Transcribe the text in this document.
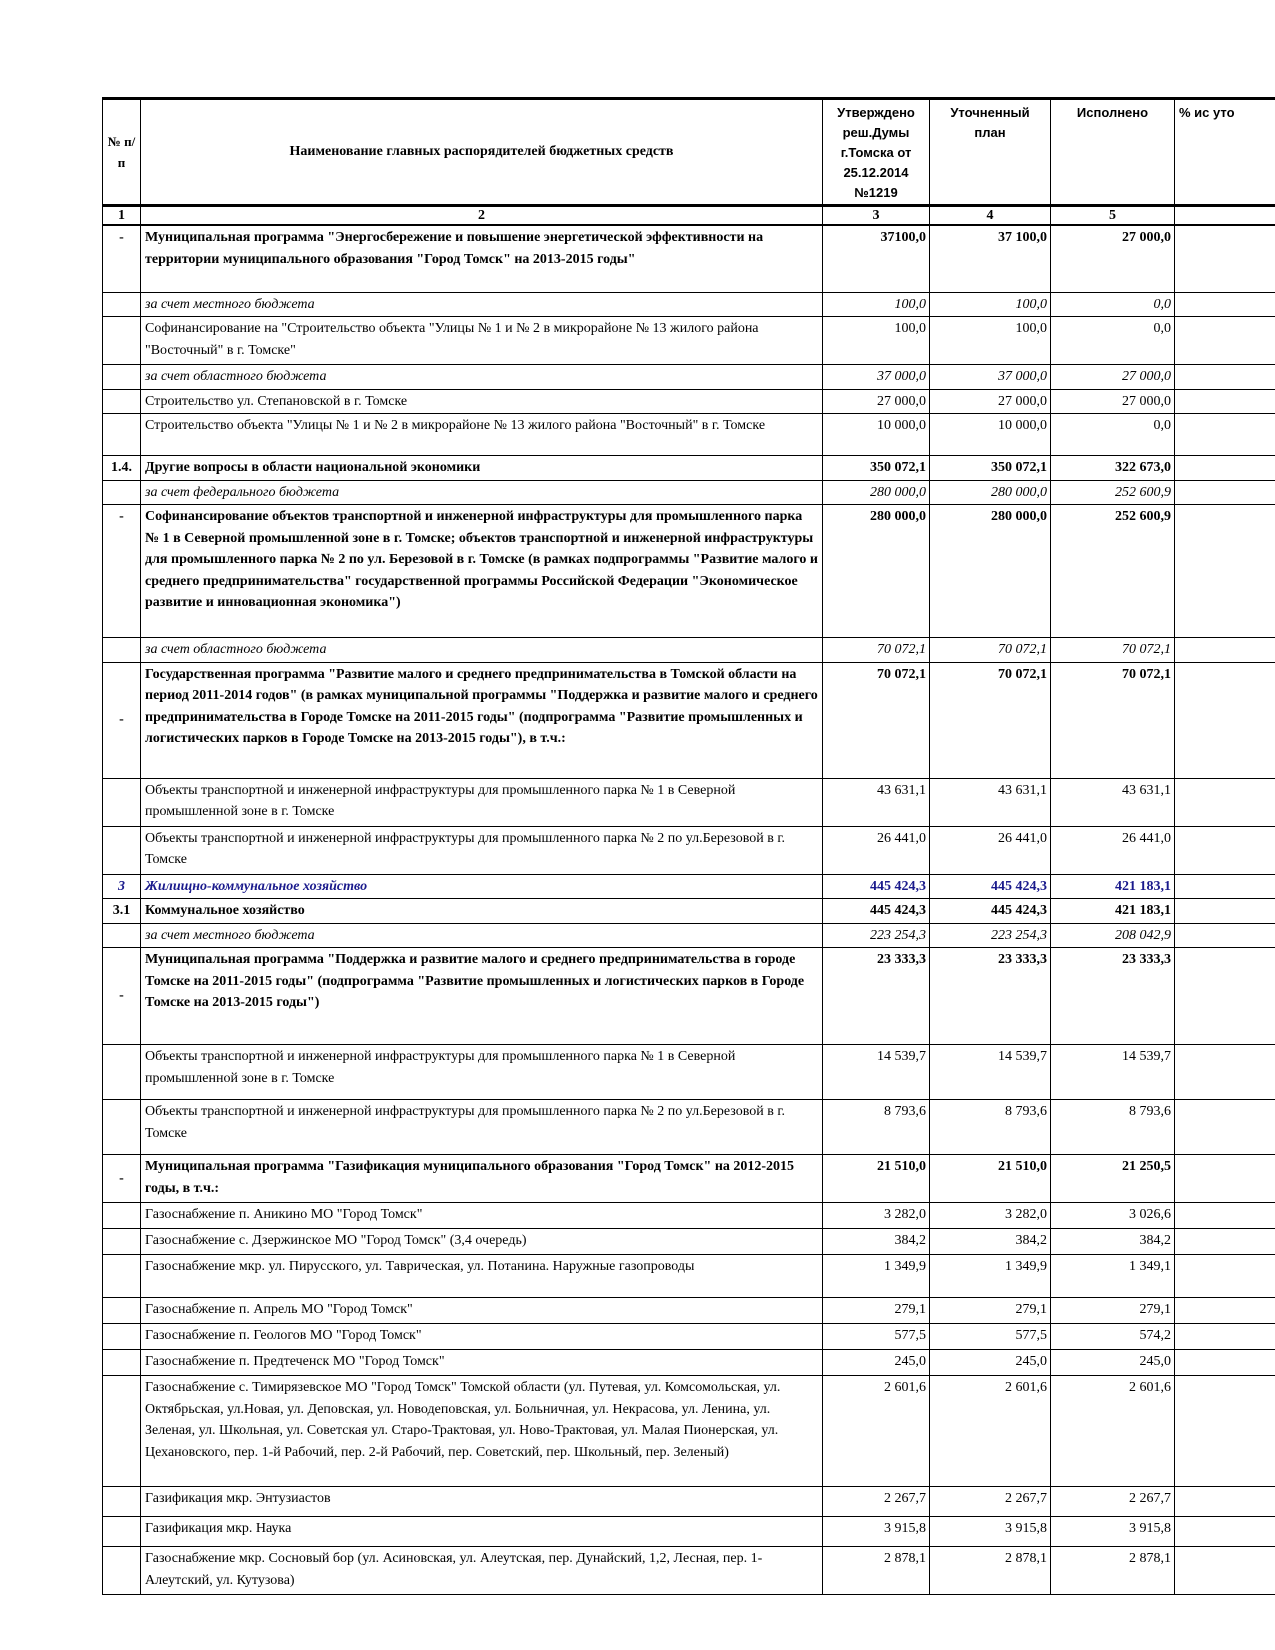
№ п/п	Наименование главных распорядителей бюджетных средств	Утверждено реш.Думы г.Томска от 25.12.2014 №1219	Уточненный план	Исполнено	% ис уто
1	2	3	4	5	
-	Муниципальная программа "Энергосбережение и повышение энергетической эффективности на территории муниципального образования "Город Томск" на 2013-2015 годы"	37100,0	37 100,0	27 000,0	
	за счет местного бюджета	100,0	100,0	0,0	
	Софинансирование на "Строительство объекта "Улицы № 1 и № 2 в микрорайоне № 13 жилого района "Восточный" в г. Томске"	100,0	100,0	0,0	
	за счет областного бюджета	37 000,0	37 000,0	27 000,0	
	Строительство ул. Степановской в г. Томске	27 000,0	27 000,0	27 000,0	
	Строительство объекта "Улицы № 1 и № 2 в микрорайоне № 13 жилого района "Восточный" в г. Томске	10 000,0	10 000,0	0,0	
1.4.	Другие вопросы в области национальной экономики	350 072,1	350 072,1	322 673,0	
	за счет федерального бюджета	280 000,0	280 000,0	252 600,9	
-	Софинансирование объектов транспортной и инженерной инфраструктуры для промышленного парка № 1 в Северной промышленной зоне в г. Томске; объектов транспортной и инженерной инфраструктуры для промышленного парка № 2 по ул. Березовой в г. Томске (в рамках подпрограммы "Развитие малого и среднего предпринимательства" государственной программы Российской Федерации "Экономическое развитие и инновационная экономика")	280 000,0	280 000,0	252 600,9	
	за счет областного бюджета	70 072,1	70 072,1	70 072,1	
-	Государственная программа "Развитие малого и среднего предпринимательства в Томской области на период 2011-2014 годов" (в рамках муниципальной программы "Поддержка и развитие малого и среднего предпринимательства в Городе Томске на 2011-2015 годы" (подпрограмма "Развитие промышленных и логистических парков в Городе Томске на 2013-2015 годы"), в т.ч.:	70 072,1	70 072,1	70 072,1	
	Объекты транспортной и инженерной инфраструктуры для промышленного парка № 1 в Северной промышленной зоне в г. Томске	43 631,1	43 631,1	43 631,1	
	Объекты транспортной и инженерной инфраструктуры для промышленного парка № 2 по ул.Березовой в г. Томске	26 441,0	26 441,0	26 441,0	
3	Жилищно-коммунальное хозяйство	445 424,3	445 424,3	421 183,1	
3.1	Коммунальное хозяйство	445 424,3	445 424,3	421 183,1	
	за счет местного бюджета	223 254,3	223 254,3	208 042,9	
-	Муниципальная программа "Поддержка и развитие малого и среднего предпринимательства в городе Томске на 2011-2015 годы" (подпрограмма "Развитие промышленных и логистических парков в Городе Томске на 2013-2015 годы")	23 333,3	23 333,3	23 333,3	
	Объекты транспортной и инженерной инфраструктуры для промышленного парка № 1 в Северной промышленной зоне в г. Томске	14 539,7	14 539,7	14 539,7	
	Объекты транспортной и инженерной инфраструктуры для промышленного парка № 2 по ул.Березовой в г. Томске	8 793,6	8 793,6	8 793,6	
-	Муниципальная программа "Газификация муниципального образования "Город Томск" на 2012-2015 годы, в т.ч.:	21 510,0	21 510,0	21 250,5	
	Газоснабжение п. Аникино МО "Город Томск"	3 282,0	3 282,0	3 026,6	
	Газоснабжение с. Дзержинское МО "Город Томск" (3,4 очередь)	384,2	384,2	384,2	
	Газоснабжение мкр. ул. Пирусского, ул. Таврическая, ул. Потанина. Наружные газопроводы	1 349,9	1 349,9	1 349,1	
	Газоснабжение п. Апрель МО "Город Томск"	279,1	279,1	279,1	
	Газоснабжение п. Геологов МО "Город Томск"	577,5	577,5	574,2	
	Газоснабжение п. Предтеченск МО "Город Томск"	245,0	245,0	245,0	
	Газоснабжение с. Тимирязевское МО "Город Томск" Томской области (ул. Путевая, ул. Комсомольская, ул. Октябрьская, ул.Новая, ул. Деповская, ул. Новодеповская, ул. Больничная, ул. Некрасова, ул. Ленина, ул. Зеленая, ул. Школьная, ул. Советская ул. Старо-Трактовая, ул. Ново-Трактовая, ул. Малая Пионерская, ул. Цехановского, пер. 1-й Рабочий, пер. 2-й Рабочий, пер. Советский, пер. Школьный, пер. Зеленый)	2 601,6	2 601,6	2 601,6	
	Газификация мкр. Энтузиастов	2 267,7	2 267,7	2 267,7	
	Газификация мкр. Наука	3 915,8	3 915,8	3 915,8	
	Газоснабжение мкр. Сосновый бор (ул. Асиновская, ул. Алеутская, пер. Дунайский, 1,2, Лесная, пер. 1-Алеутский, ул. Кутузова)	2 878,1	2 878,1	2 878,1	
